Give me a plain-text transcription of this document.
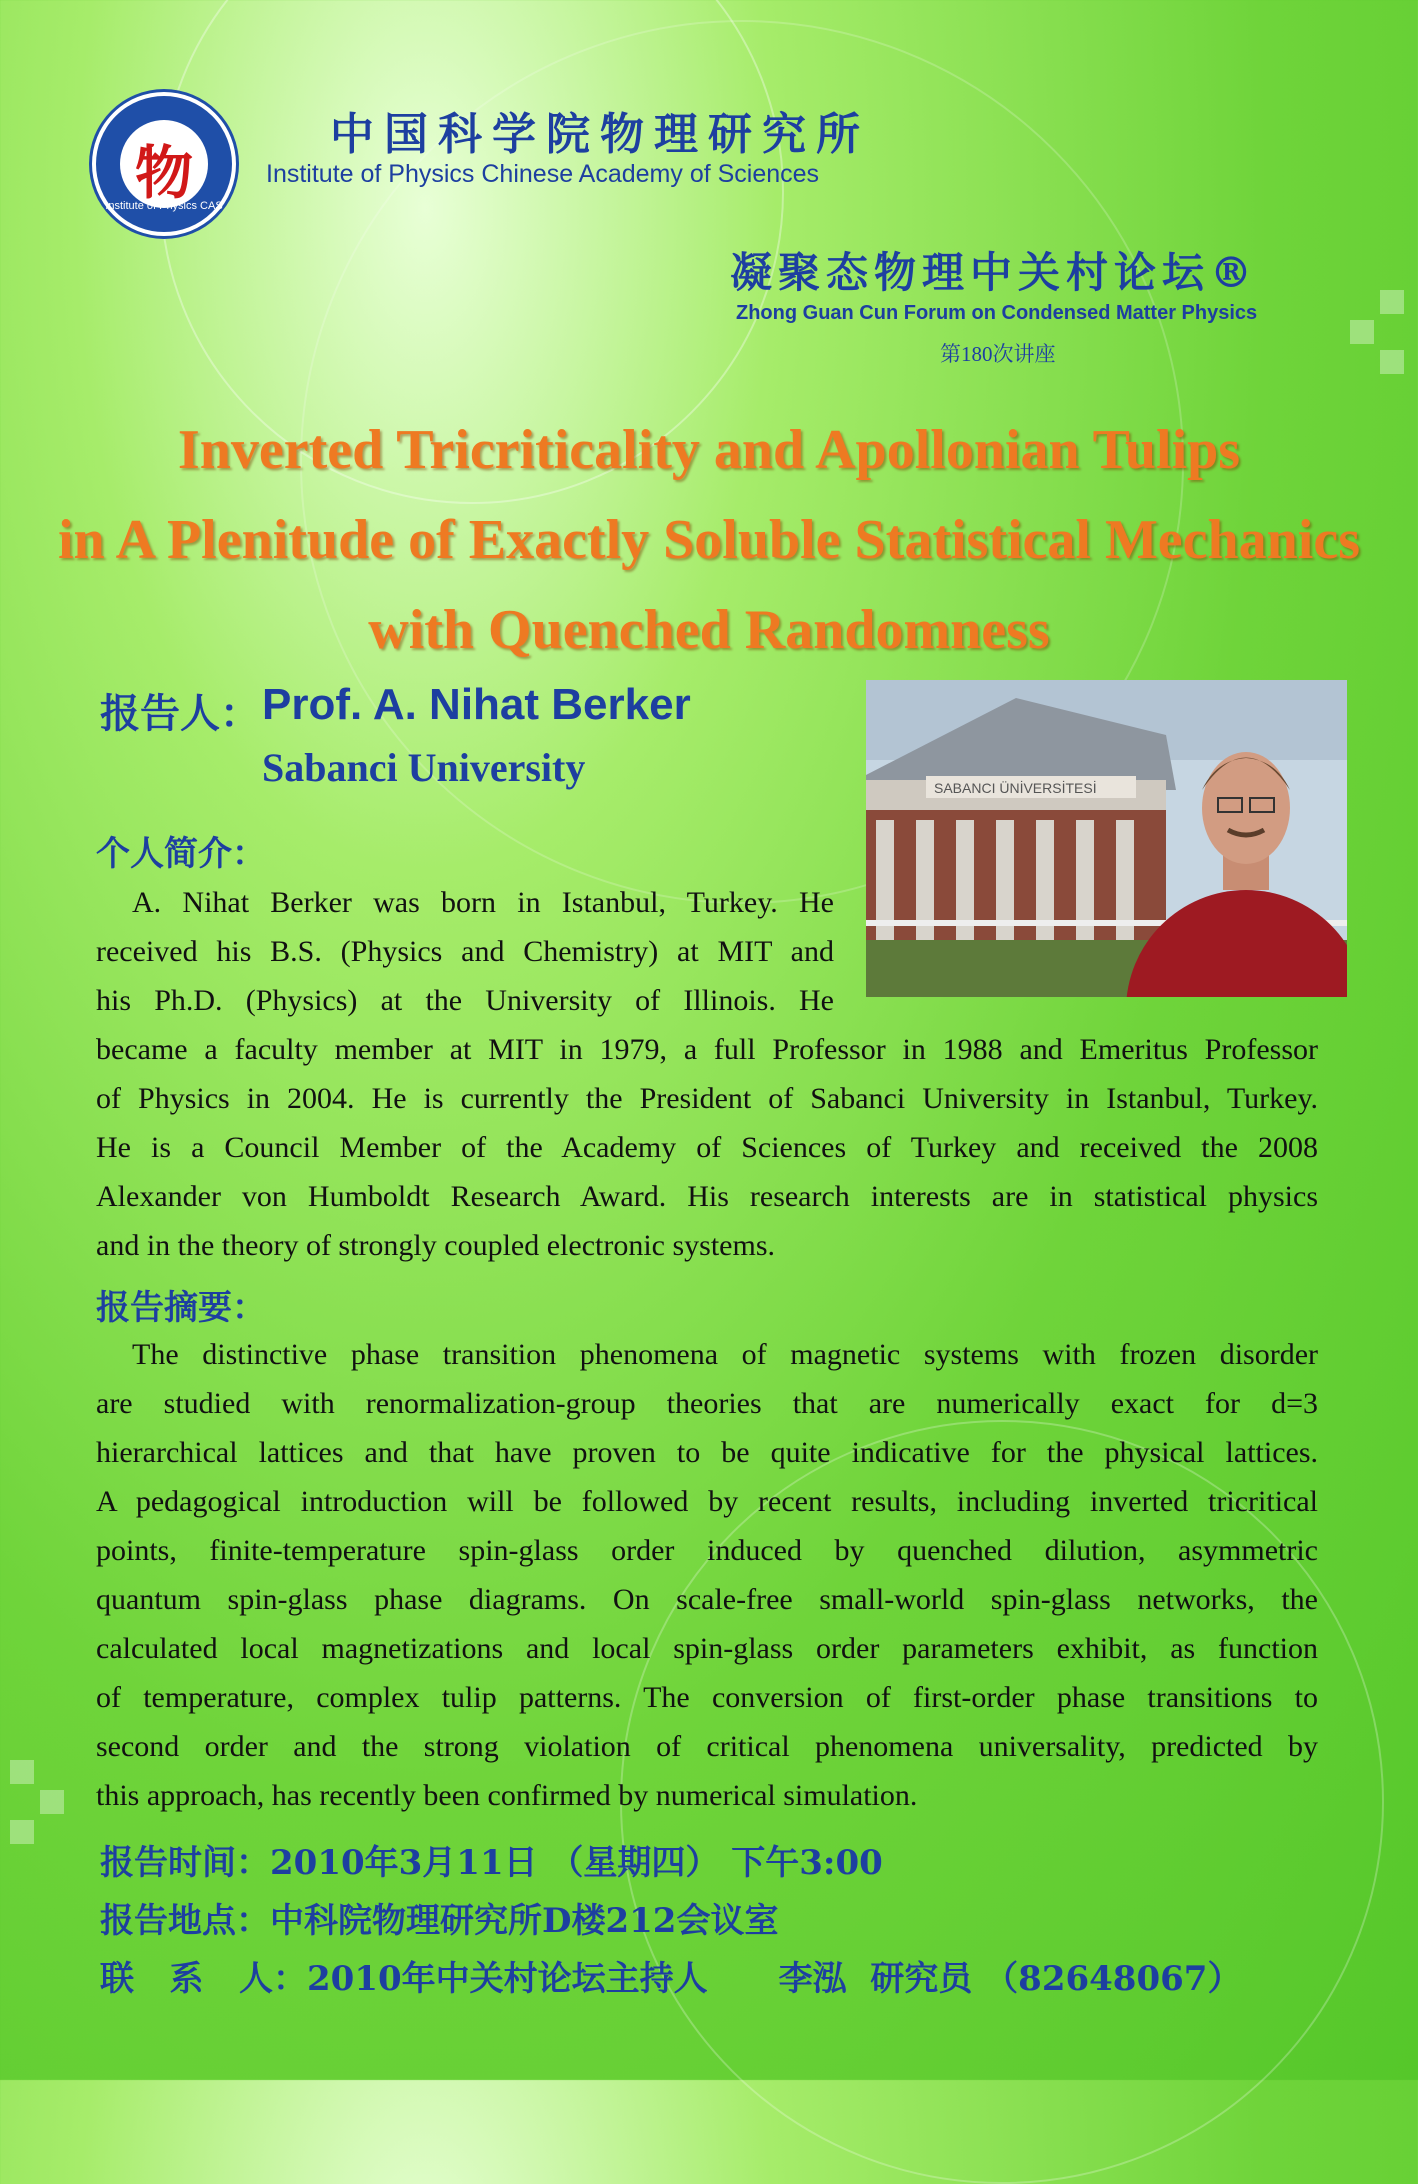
物
Institute of Physics CAS
中国科学院物理研究所
Institute of Physics Chinese Academy of Sciences
凝聚态物理中关村论坛®
Zhong Guan Cun Forum on Condensed Matter Physics
第180次讲座
Inverted Tricriticality and Apollonian Tulips
in A Plenitude of Exactly Soluble Statistical Mechanics
with Quenched Randomness
报告人： Prof. A. Nihat Berker
Sabanci University	SABANCI ÜNİVERSİTESİ
个人简介：
A. Nihat Berker was born in Istanbul, Turkey. He
received his B.S. (Physics and Chemistry) at MIT and
his Ph.D. (Physics) at the University of Illinois. He
became a faculty member at MIT in 1979, a full Professor in 1988 and Emeritus Professor
of Physics in 2004. He is currently the President of Sabanci University in Istanbul, Turkey.
He is a Council Member of the Academy of Sciences of Turkey and received the 2008
Alexander von Humboldt Research Award. His research interests are in statistical physics
and in the theory of strongly coupled electronic systems.
报告摘要：
The distinctive phase transition phenomena of magnetic systems with frozen disorder
are studied with renormalization-group theories that are numerically exact for d=3
hierarchical lattices and that have proven to be quite indicative for the physical lattices.
A pedagogical introduction will be followed by recent results, including inverted tricritical
points, finite-temperature spin-glass order induced by quenched dilution, asymmetric
quantum spin-glass phase diagrams. On scale-free small-world spin-glass networks, the
calculated local magnetizations and local spin-glass order parameters exhibit, as function
of temperature, complex tulip patterns. The conversion of first-order phase transitions to
second order and the strong violation of critical phenomena universality, predicted by
this approach, has recently been confirmed by numerical simulation.
报告时间：2010年3月11日 （星期四） 下午3:00
报告地点：中科院物理研究所D楼212会议室
联   系   人：2010年中关村论坛主持人      李泓  研究员 （82648067）
